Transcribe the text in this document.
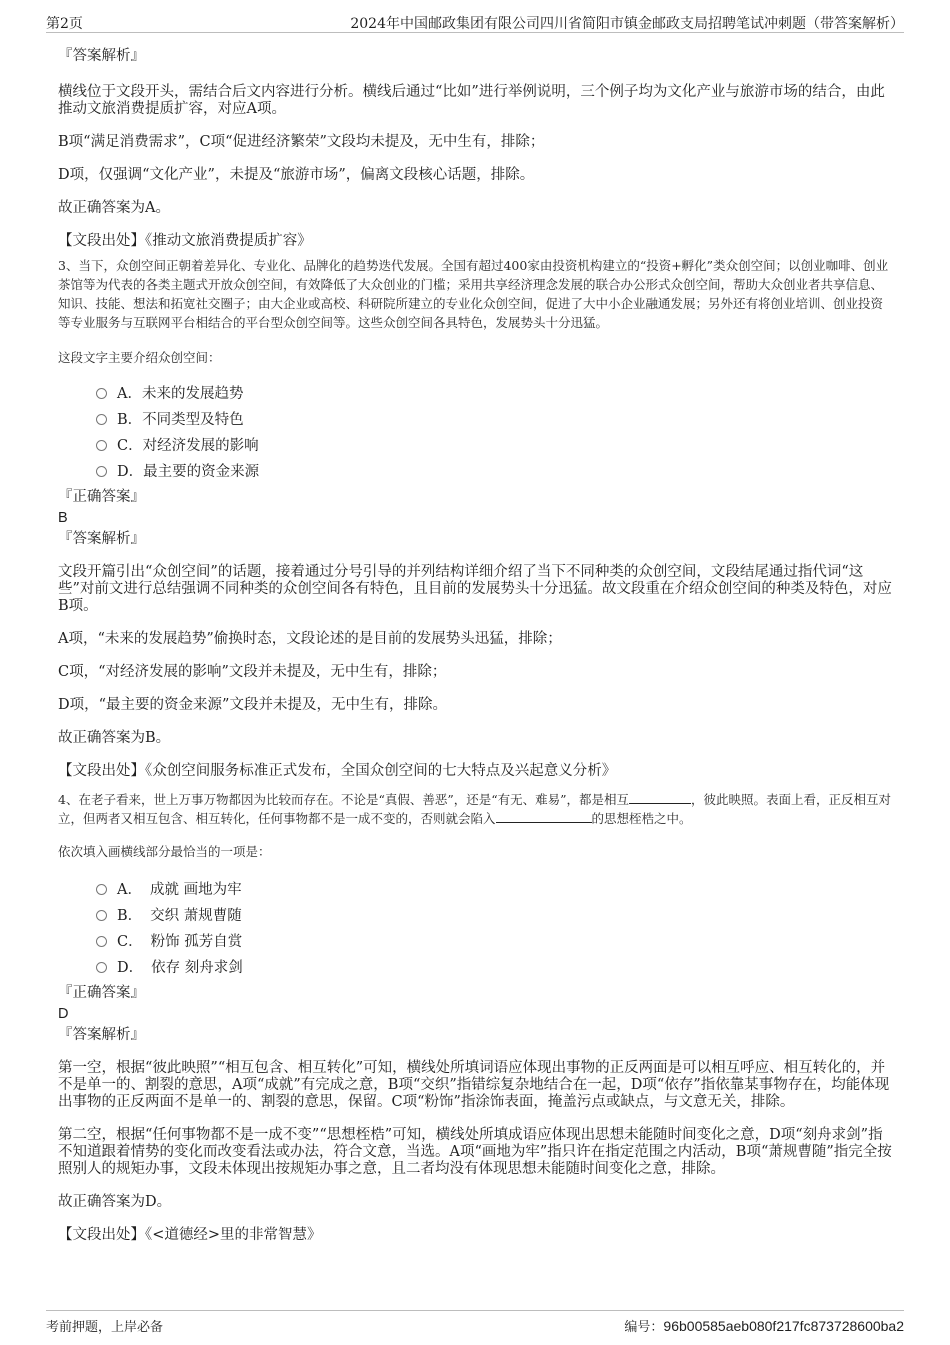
第2页	2024年中国邮政集团有限公司四川省简阳市镇金邮政支局招聘笔试冲刺题（带答案解析）

『答案解析』

横线位于文段开头，需结合后文内容进行分析。横线后通过“比如”进行举例说明，三个例子均为文化产业与旅游市场的结合，由此推动文旅消费提质扩容，对应A项。

B项“满足消费需求”，C项“促进经济繁荣”文段均未提及，无中生有，排除；

D项，仅强调“文化产业”，未提及“旅游市场”，偏离文段核心话题，排除。

故正确答案为A。

【文段出处】《推动文旅消费提质扩容》

3、当下，众创空间正朝着差异化、专业化、品牌化的趋势迭代发展。全国有超过400家由投资机构建立的“投资+孵化”类众创空间；以创业咖啡、创业茶馆等为代表的各类主题式开放众创空间，有效降低了大众创业的门槛；采用共享经济理念发展的联合办公形式众创空间，帮助大众创业者共享信息、知识、技能、想法和拓宽社交圈子；由大企业或高校、科研院所建立的专业化众创空间，促进了大中小企业融通发展；另外还有将创业培训、创业投资等专业服务与互联网平台相结合的平台型众创空间等。这些众创空间各具特色，发展势头十分迅猛。

这段文字主要介绍众创空间：

A．未来的发展趋势
B．不同类型及特色
C．对经济发展的影响
D．最主要的资金来源

『正确答案』

B

『答案解析』

文段开篇引出“众创空间”的话题，接着通过分号引导的并列结构详细介绍了当下不同种类的众创空间，文段结尾通过指代词“这些”对前文进行总结强调不同种类的众创空间各有特色，且目前的发展势头十分迅猛。故文段重在介绍众创空间的种类及特色，对应B项。

A项，“未来的发展趋势”偷换时态，文段论述的是目前的发展势头迅猛，排除；

C项，“对经济发展的影响”文段并未提及，无中生有，排除；

D项，“最主要的资金来源”文段并未提及，无中生有，排除。

故正确答案为B。

【文段出处】《众创空间服务标准正式发布，全国众创空间的七大特点及兴起意义分析》

4、在老子看来，世上万事万物都因为比较而存在。不论是“真假、善恶”，还是“有无、难易”，都是相互	，彼此映照。表面上看，正反相互对立，但两者又相互包含、相互转化，任何事物都不是一成不变的，否则就会陷入	的思想桎梏之中。

依次填入画横线部分最恰当的一项是：

A． 成就 画地为牢
B． 交织 萧规曹随
C． 粉饰 孤芳自赏
D． 依存 刻舟求剑

『正确答案』

D

『答案解析』

第一空，根据“彼此映照”“相互包含、相互转化”可知，横线处所填词语应体现出事物的正反两面是可以相互呼应、相互转化的，并不是单一的、割裂的意思，A项“成就”有完成之意，B项“交织”指错综复杂地结合在一起，D项“依存”指依靠某事物存在，均能体现出事物的正反两面不是单一的、割裂的意思，保留。C项“粉饰”指涂饰表面，掩盖污点或缺点，与文意无关，排除。

第二空，根据“任何事物都不是一成不变”“思想桎梏”可知，横线处所填成语应体现出思想未能随时间变化之意，D项“刻舟求剑”指不知道跟着情势的变化而改变看法或办法，符合文意，当选。A项“画地为牢”指只许在指定范围之内活动，B项“萧规曹随”指完全按照别人的规矩办事，文段未体现出按规矩办事之意，且二者均没有体现思想未能随时间变化之意，排除。

故正确答案为D。

【文段出处】《<道德经>里的非常智慧》

考前押题，上岸必备	编号：96b00585aeb080f217fc873728600ba2
